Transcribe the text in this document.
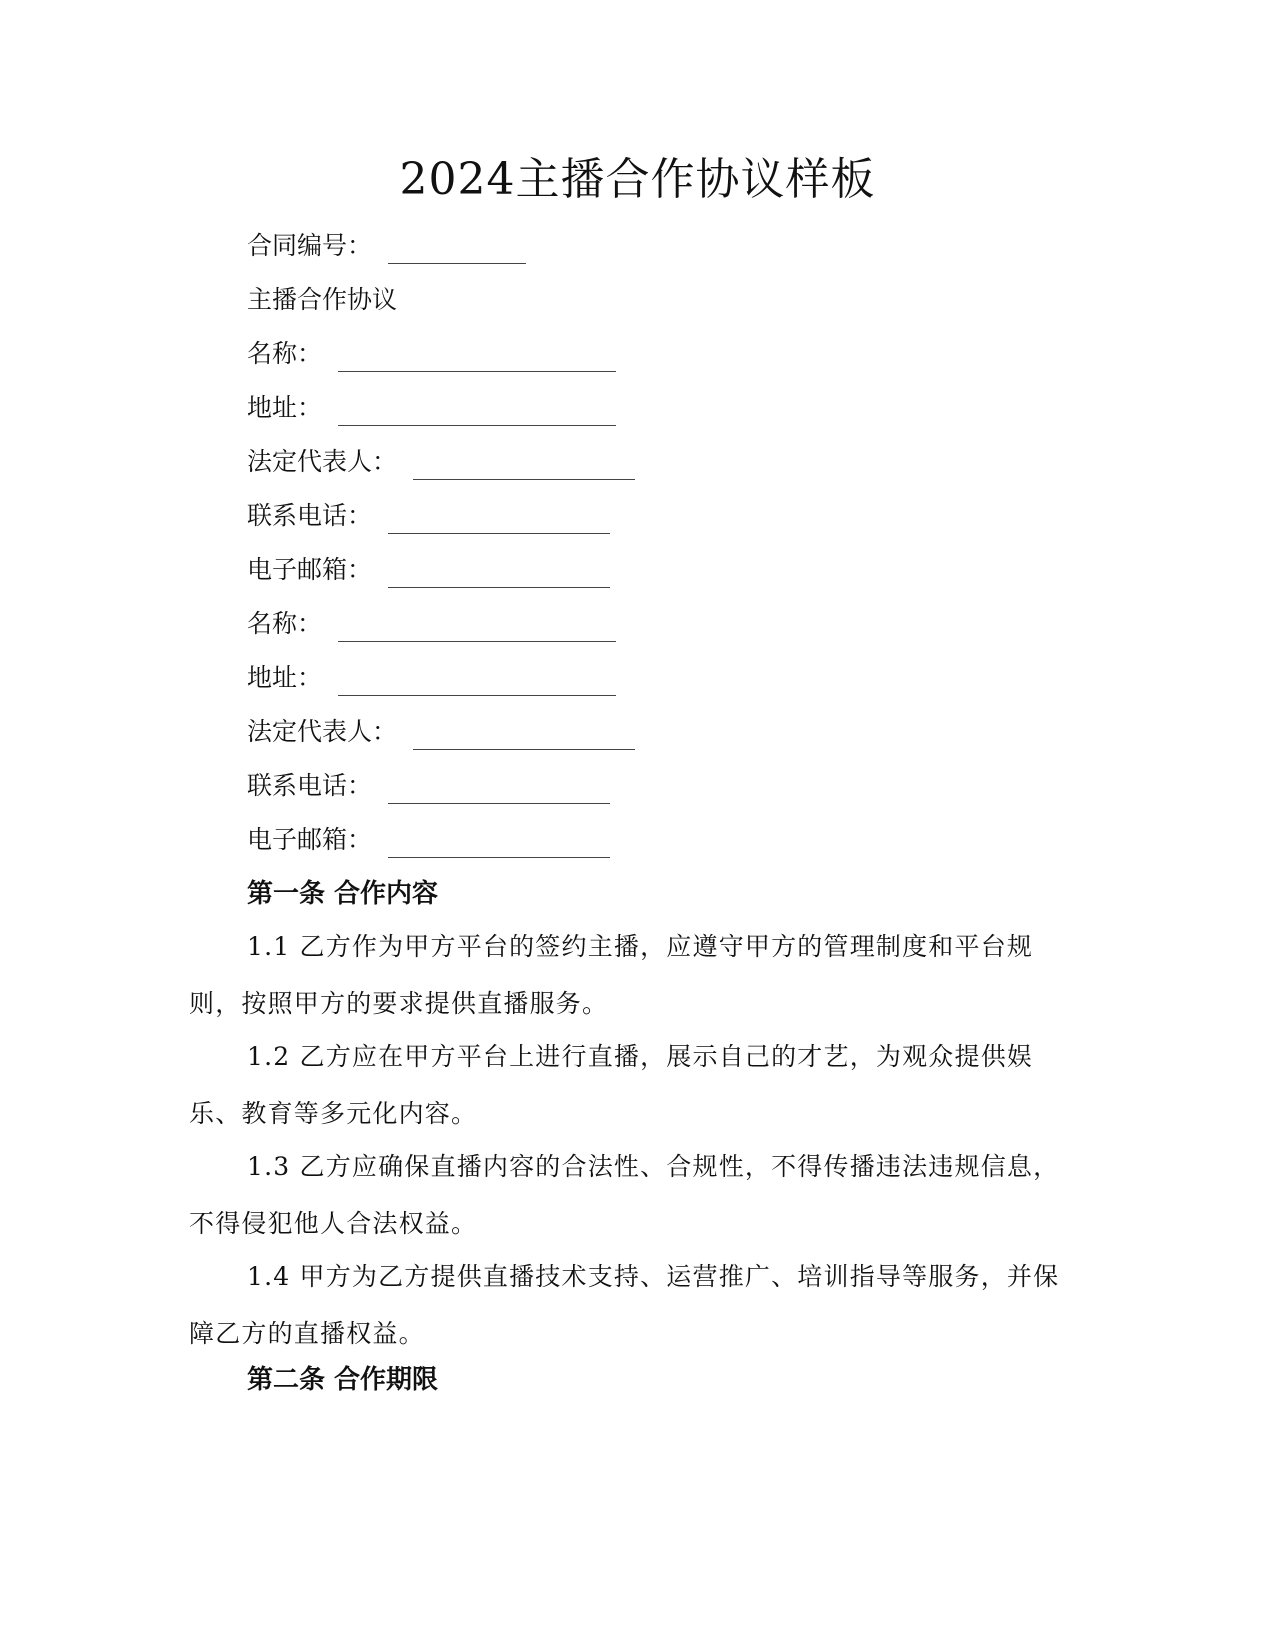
2024主播合作协议样板
合同编号：
主播合作协议
名称：
地址：
法定代表人：
联系电话：
电子邮箱：
名称：
地址：
法定代表人：
联系电话：
电子邮箱：
第一条 合作内容
1.1 乙方作为甲方平台的签约主播，应遵守甲方的管理制度和平台规则，按照甲方的要求提供直播服务。
1.2 乙方应在甲方平台上进行直播，展示自己的才艺，为观众提供娱乐、教育等多元化内容。
1.3 乙方应确保直播内容的合法性、合规性，不得传播违法违规信息，不得侵犯他人合法权益。
1.4 甲方为乙方提供直播技术支持、运营推广、培训指导等服务，并保障乙方的直播权益。
第二条 合作期限
